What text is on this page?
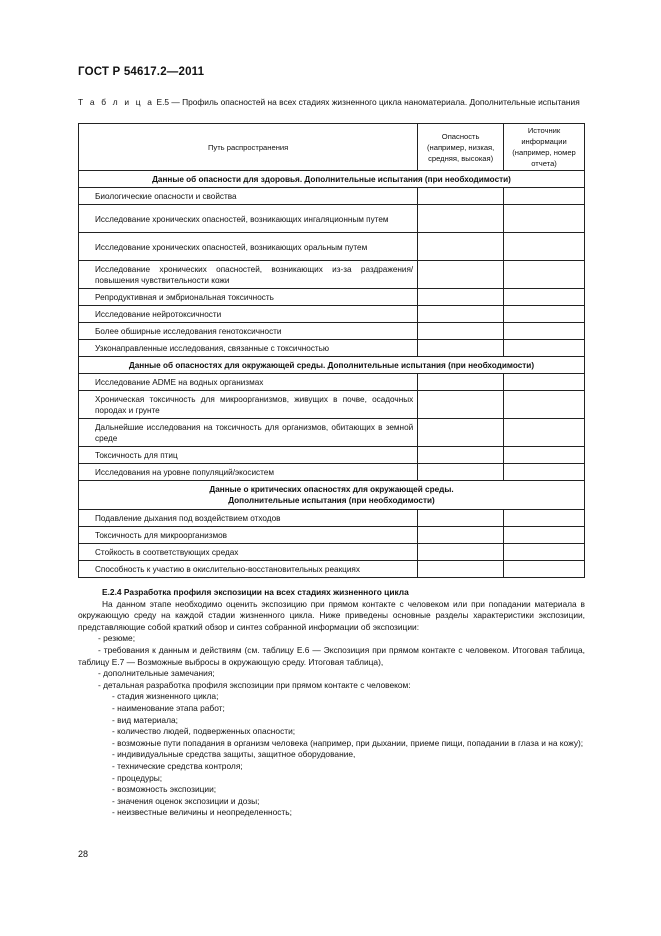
ГОСТ Р 54617.2—2011
Т а б л и ц а Е.5 — Профиль опасностей на всех стадиях жизненного цикла наноматериала. Дополнительные испытания
Путь распространения	Опасность (например, низкая, средняя, высокая)	Источник информации (например, номер отчета)
Данные об опасности для здоровья. Дополнительные испытания (при необходимости)		
Биологические опасности и свойства		
Исследование хронических опасностей, возникающих ингаляционным путем		
Исследование хронических опасностей, возникающих оральным путем		
Исследование хронических опасностей, возникающих из-за раздражения/повышения чувствительности кожи		
Репродуктивная и эмбриональная токсичность		
Исследование нейротоксичности		
Более обширные исследования генотоксичности		
Узконаправленные исследования, связанные с токсичностью		
Данные об опасностях для окружающей среды. Дополнительные испытания (при необходимости)		
Исследование ADME на водных организмах		
Хроническая токсичность для микроорганизмов, живущих в почве, осадочных породах и грунте		
Дальнейшие исследования на токсичность для организмов, обитающих в земной среде		
Токсичность для птиц		
Исследования на уровне популяций/экосистем		
Данные о критических опасностях для окружающей среды.
Дополнительные испытания (при необходимости)		
Подавление дыхания под воздействием отходов		
Токсичность для микроорганизмов		
Стойкость в соответствующих средах		
Способность к участию в окислительно-восстановительных реакциях		

Е.2.4 Разработка профиля экспозиции на всех стадиях жизненного цикла

На данном этапе необходимо оценить экспозицию при прямом контакте с человеком или при попадании материала в окружающую среду на каждой стадии жизненного цикла. Ниже приведены основные разделы характеристики экспозиции, представляющие собой краткий обзор и синтез собранной информации об экспозиции:

- резюме;

- требования к данным и действиям (см. таблицу Е.6 — Экспозиция при прямом контакте с человеком. Итоговая таблица, таблицу Е.7 — Возможные выбросы в окружающую среду. Итоговая таблица),

- дополнительные замечания;

- детальная разработка профиля экспозиции при прямом контакте с человеком:

- стадия жизненного цикла;

- наименование этапа работ;

- вид материала;

- количество людей, подверженных опасности;

- возможные пути попадания в организм человека (например, при дыхании, приеме пищи, попадании в глаза и на кожу);

- индивидуальные средства защиты, защитное оборудование,

- технические средства контроля;

- процедуры;

- возможность экспозиции;

- значения оценок экспозиции и дозы;

- неизвестные величины и неопределенность;

28
